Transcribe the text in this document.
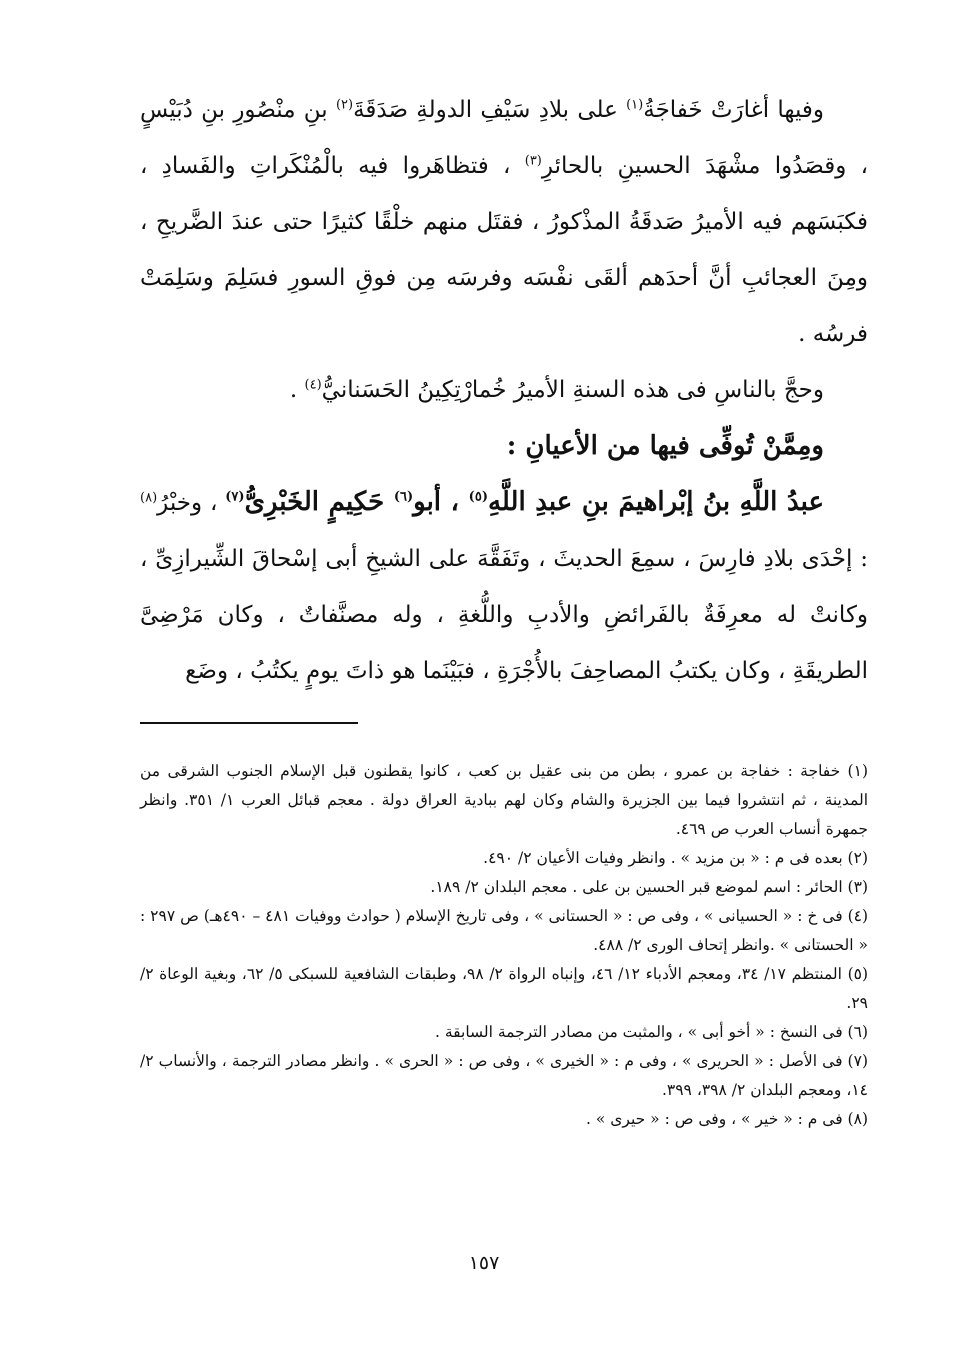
وفيها أغارَتْ خَفاجَةُ$^{(١)}$ على بلادِ سَيْفِ الدولةِ صَدَقَةَ$^{(٢)}$ بنِ منْصُورِ بنِ دُبَيْسٍ ، وقصَدُوا مشْهَدَ الحسينِ بالحائرِ$^{(٣)}$ ، فتظاهَروا فيه بالْمُنْكَراتِ والفَسادِ ، فكبَسَهم فيه الأميرُ صَدقَةُ المذْكورُ ، فقتَل منهم خلْقًا كثيرًا حتى عندَ الضَّريحِ ، ومِنَ العجائبِ أنَّ أحدَهم ألقَى نفْسَه وفرسَه مِن فوقِ السورِ فسَلِمَ وسَلِمَتْ فرسُه .

وحجَّ بالناسِ فى هذه السنةِ الأميرُ خُمارْتِكِينُ الحَسَنانيُّ$^{(٤)}$ .

ومِمَّنْ تُوفِّى فيها من الأعيانِ :

عبدُ اللَّهِ بنُ إبْراهيمَ بنِ عبدِ اللَّهِ$^{(٥)}$ ، أبو$^{(٦)}$ حَكِيمٍ الخَبْرِىُّ$^{(٧)}$ ، وخبْرُ$^{(٨)}$ : إحْدَى بلادِ فارِسَ ، سمِعَ الحديثَ ، وتَفَقَّهَ على الشيخِ أبى إسْحاقَ الشِّيرازِىِّ ، وكانتْ له معرِفَةٌ بالفَرائضِ والأدبِ واللُّغةِ ، وله مصنَّفاتٌ ، وكان مَرْضِىَّ الطريقَةِ ، وكان يكتبُ المصاحِفَ بالأُجْرَةِ ، فبَيْنَما هو ذاتَ يومٍ يكتُبُ ، وضَع

(١) خفاجة : خفاجة بن عمرو ، بطن من بنى عقيل بن كعب ، كانوا يقطنون قبل الإسلام الجنوب الشرقى من المدينة ، ثم انتشروا فيما بين الجزيرة والشام وكان لهم ببادية العراق دولة . معجم قبائل العرب ١/ ٣٥١. وانظر جمهرة أنساب العرب ص ٤٦٩.

(٢) بعده فى م : « بن مزيد » . وانظر وفيات الأعيان ٢/ ٤٩٠.

(٣) الحائر : اسم لموضع قبر الحسين بن على . معجم البلدان ٢/ ١٨٩.

(٤) فى خ : « الحسيانى » ، وفى ص : « الحستانى » ، وفى تاريخ الإسلام ( حوادث ووفيات ٤٨١ – ٤٩٠هـ) ص ٢٩٧ : « الحستانى » .وانظر إتحاف الورى ٢/ ٤٨٨.

(٥) المنتظم ١٧/ ٣٤، ومعجم الأدباء ١٢/ ٤٦، وإنباه الرواة ٢/ ٩٨، وطبقات الشافعية للسبكى ٥/ ٦٢، وبغية الوعاة ٢/ ٢٩.

(٦) فى النسخ : « أخو أبى » ، والمثبت من مصادر الترجمة السابقة .

(٧) فى الأصل : « الحريرى » ، وفى م : « الخيرى » ، وفى ص : « الحرى » . وانظر مصادر الترجمة ، والأنساب ٢/ ١٤، ومعجم البلدان ٢/ ٣٩٨، ٣٩٩.

(٨) فى م : « خير » ، وفى ص : « حيرى » .

١٥٧
